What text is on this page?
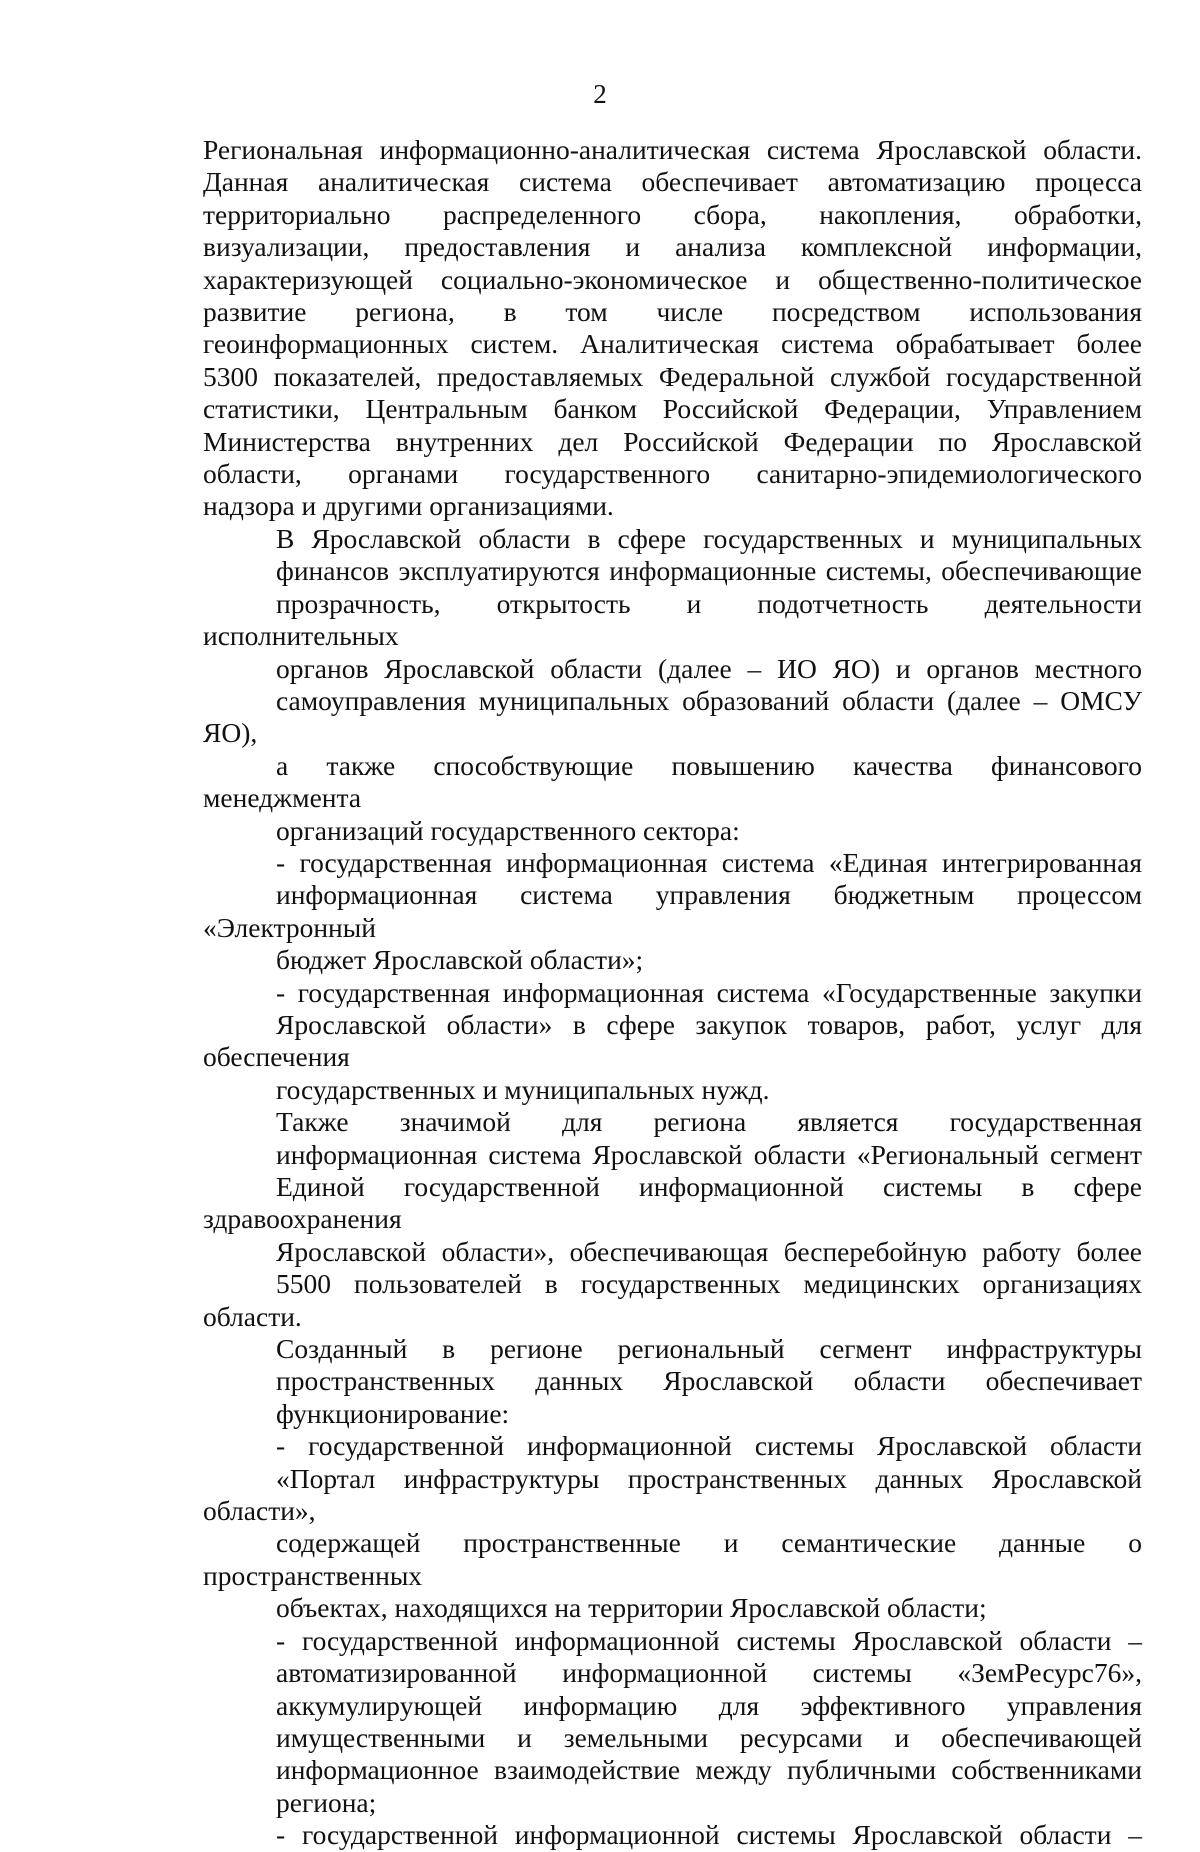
2
Региональная информационно-аналитическая система Ярославской области.
Данная аналитическая система обеспечивает автоматизацию процесса
территориально распределенного сбора, накопления, обработки,
визуализации, предоставления и анализа комплексной информации,
характеризующей социально-экономическое и общественно-политическое
развитие региона, в том числе посредством использования
геоинформационных систем. Аналитическая система обрабатывает более
5300 показателей, предоставляемых Федеральной службой государственной
статистики, Центральным банком Российской Федерации, Управлением
Министерства внутренних дел Российской Федерации по Ярославской
области, органами государственного санитарно-эпидемиологического
надзора и другими организациями.
В Ярославской области в сфере государственных и муниципальных
финансов эксплуатируются информационные системы, обеспечивающие
прозрачность, открытость и подотчетность деятельности исполнительных
органов Ярославской области (далее – ИО ЯО) и органов местного
самоуправления муниципальных образований области (далее – ОМСУ ЯО),
а также способствующие повышению качества финансового менеджмента
организаций государственного сектора:
- государственная информационная система «Единая интегрированная
информационная система управления бюджетным процессом «Электронный
бюджет Ярославской области»;
- государственная информационная система «Государственные закупки
Ярославской области» в сфере закупок товаров, работ, услуг для обеспечения
государственных и муниципальных нужд.
Также значимой для региона является государственная
информационная система Ярославской области «Региональный сегмент
Единой государственной информационной системы в сфере здравоохранения
Ярославской области», обеспечивающая бесперебойную работу более
5500 пользователей в государственных медицинских организациях области.
Созданный в регионе региональный сегмент инфраструктуры
пространственных данных Ярославской области обеспечивает
функционирование:
- государственной информационной системы Ярославской области
«Портал инфраструктуры пространственных данных Ярославской области»,
содержащей пространственные и семантические данные о пространственных
объектах, находящихся на территории Ярославской области;
- государственной информационной системы Ярославской области –
автоматизированной информационной системы «ЗемРесурс76»,
аккумулирующей информацию для эффективного управления
имущественными и земельными ресурсами и обеспечивающей
информационное взаимодействие между публичными собственниками
региона;
- государственной информационной системы Ярославской области –
